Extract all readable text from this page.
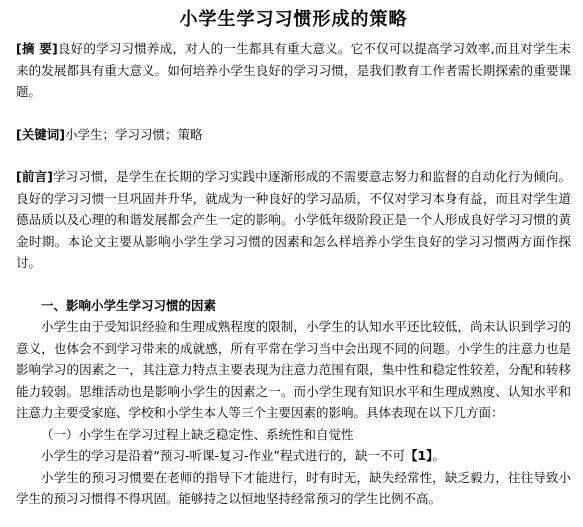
小学生学习习惯形成的策略

[摘 要]良好的学习习惯养成，对人的一生都具有重大意义。它不仅可以提高学习效率,而且对学生未来的发展都具有重大意义。如何培养小学生良好的学习习惯，是我们教育工作者需长期探索的重要课题。

[关键词]小学生；学习习惯；策略

[前言]学习习惯，是学生在长期的学习实践中逐渐形成的不需要意志努力和监督的自动化行为倾向。良好的学习习惯一旦巩固并升华，就成为一种良好的学习品质，不仅对学习本身有益，而且对学生道德品质以及心理的和谐发展都会产生一定的影响。小学低年级阶段正是一个人形成良好学习习惯的黄金时期。本论文主要从影响小学生学习习惯的因素和怎么样培养小学生良好的学习习惯两方面作探讨。

一、影响小学生学习习惯的因素

小学生由于受知识经验和生理成熟程度的限制，小学生的认知水平还比较低，尚未认识到学习的意义，也体会不到学习带来的成就感，所有平常在学习当中会出现不同的问题。小学生的注意力也是影响学习的因素之一，其注意力特点主要表现为注意力范围有限，集中性和稳定性较差，分配和转移能力较弱。思维活动也是影响小学生的因素之一。而小学生现有知识水平和生理成熟度、认知水平和注意力主要受家庭、学校和小学生本人等三个主要因素的影响。具体表现在以下几方面：

（一）小学生在学习过程上缺乏稳定性、系统性和自觉性

小学生的学习是沿着“预习-听课-复习-作业”程式进行的，缺一不可【1】。

小学生的预习习惯要在老师的指导下才能进行，时有时无，缺失经常性，缺乏毅力，往往导致小学生的预习习惯得不得巩固。能够持之以恒地坚持经常预习的学生比例不高。
